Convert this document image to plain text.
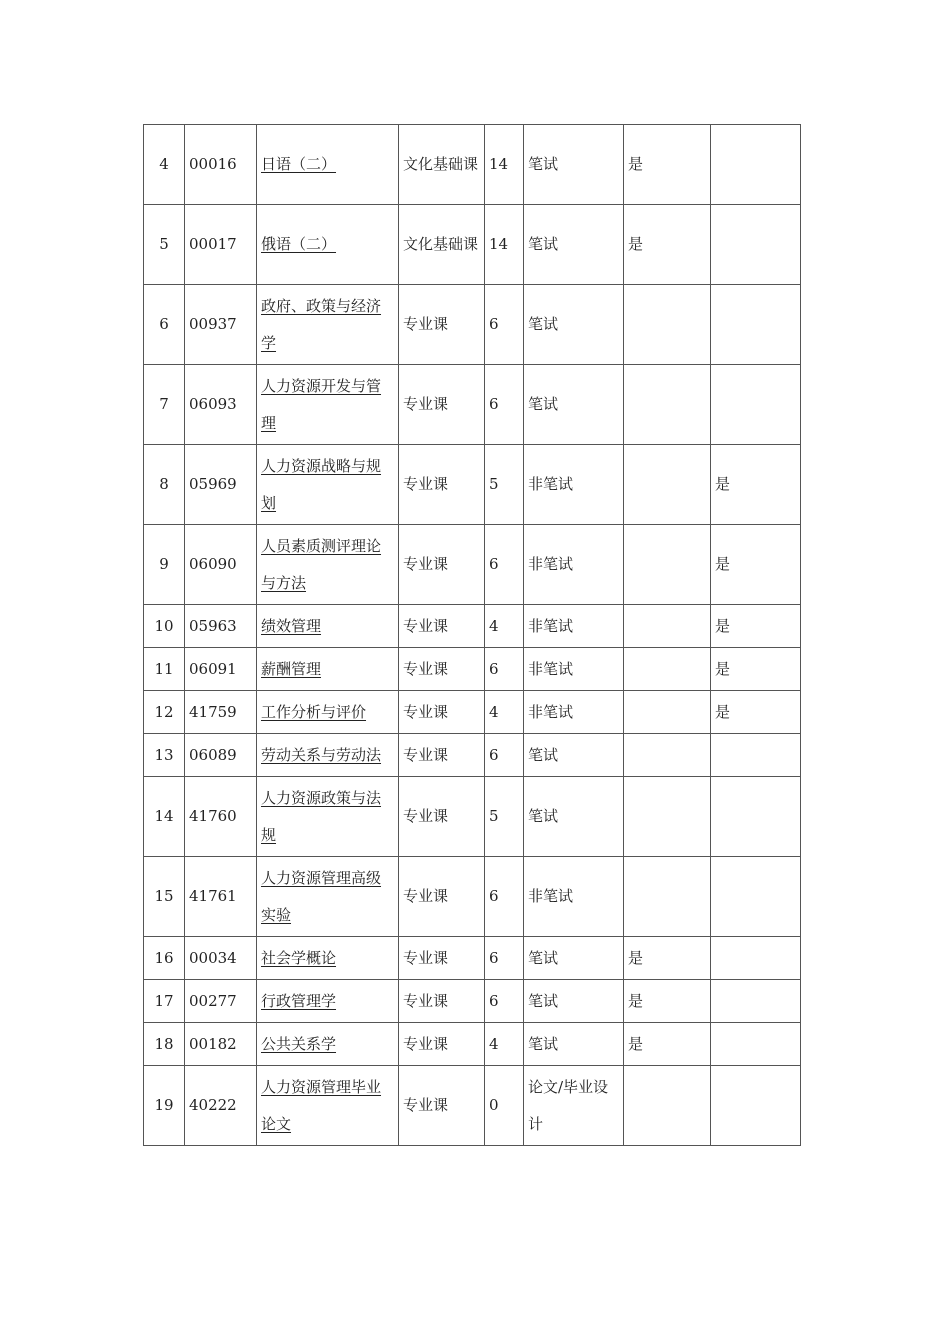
4	00016	日语（二）	文化基础课	14	笔试	是	
5	00017	俄语（二）	文化基础课	14	笔试	是	
6	00937	政府、政策与经济学	专业课	6	笔试		
7	06093	人力资源开发与管理	专业课	6	笔试		
8	05969	人力资源战略与规划	专业课	5	非笔试		是
9	06090	人员素质测评理论与方法	专业课	6	非笔试		是
10	05963	绩效管理	专业课	4	非笔试		是
11	06091	薪酬管理	专业课	6	非笔试		是
12	41759	工作分析与评价	专业课	4	非笔试		是
13	06089	劳动关系与劳动法	专业课	6	笔试		
14	41760	人力资源政策与法规	专业课	5	笔试		
15	41761	人力资源管理高级实验	专业课	6	非笔试		
16	00034	社会学概论	专业课	6	笔试	是	
17	00277	行政管理学	专业课	6	笔试	是	
18	00182	公共关系学	专业课	4	笔试	是	
19	40222	人力资源管理毕业论文	专业课	0	论文/毕业设计		
